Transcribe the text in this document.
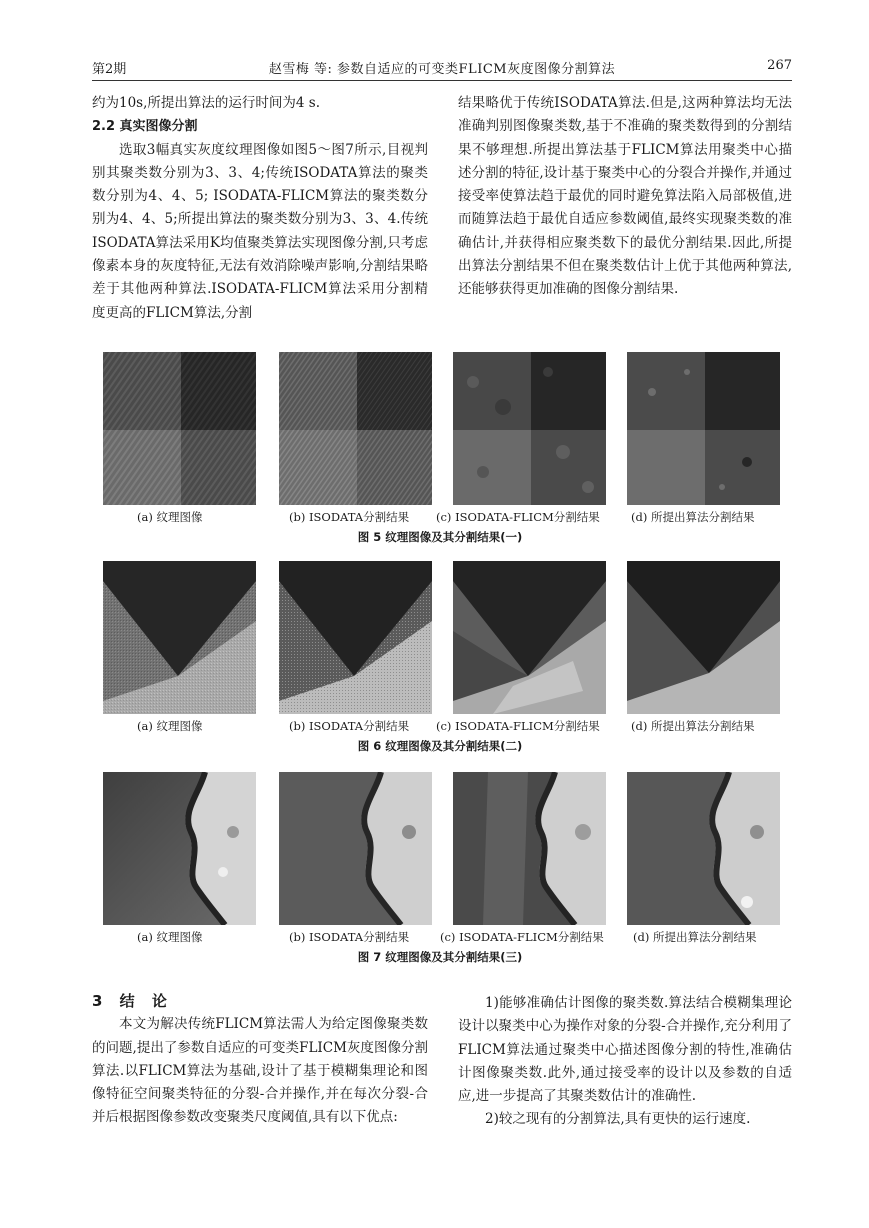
第2期	赵雪梅 等: 参数自适应的可变类FLICM灰度图像分割算法	267

约为10s,所提出算法的运行时间为4 s.

2.2 真实图像分割

选取3幅真实灰度纹理图像如图5～图7所示,目视判别其聚类数分别为3、3、4;传统ISODATA算法的聚类数分别为4、4、5; ISODATA-FLICM算法的聚类数分别为4、4、5;所提出算法的聚类数分别为3、3、4.传统ISODATA算法采用K均值聚类算法实现图像分割,只考虑像素本身的灰度特征,无法有效消除噪声影响,分割结果略差于其他两种算法.ISODATA-FLICM算法采用分割精度更高的FLICM算法,分割

结果略优于传统ISODATA算法.但是,这两种算法均无法准确判别图像聚类数,基于不准确的聚类数得到的分割结果不够理想.所提出算法基于FLICM算法用聚类中心描述分割的特征,设计基于聚类中心的分裂合并操作,并通过接受率使算法趋于最优的同时避免算法陷入局部极值,进而随算法趋于最优自适应参数阈值,最终实现聚类数的准确估计,并获得相应聚类数下的最优分割结果.因此,所提出算法分割结果不但在聚类数估计上优于其他两种算法,还能够获得更加准确的图像分割结果.

(a) 纹理图像	(b) ISODATA分割结果 (c) ISODATA-FLICM分割结果	(d) 所提出算法分割结果
图 5 纹理图像及其分割结果(一)
(a) 纹理图像	(b) ISODATA分割结果 (c) ISODATA-FLICM分割结果	(d) 所提出算法分割结果
图 6 纹理图像及其分割结果(二)
(a) 纹理图像	(b) ISODATA分割结果	(c) ISODATA-FLICM分割结果	(d) 所提出算法分割结果
图 7 纹理图像及其分割结果(三)

3 结 论

本文为解决传统FLICM算法需人为给定图像聚类数的问题,提出了参数自适应的可变类FLICM灰度图像分割算法.以FLICM算法为基础,设计了基于模糊集理论和图像特征空间聚类特征的分裂-合并操作,并在每次分裂-合并后根据图像参数改变聚类尺度阈值,具有以下优点:

1)能够准确估计图像的聚类数.算法结合模糊集理论设计以聚类中心为操作对象的分裂-合并操作,充分利用了FLICM算法通过聚类中心描述图像分割的特性,准确估计图像聚类数.此外,通过接受率的设计以及参数的自适应,进一步提高了其聚类数估计的准确性.

2)较之现有的分割算法,具有更快的运行速度.
